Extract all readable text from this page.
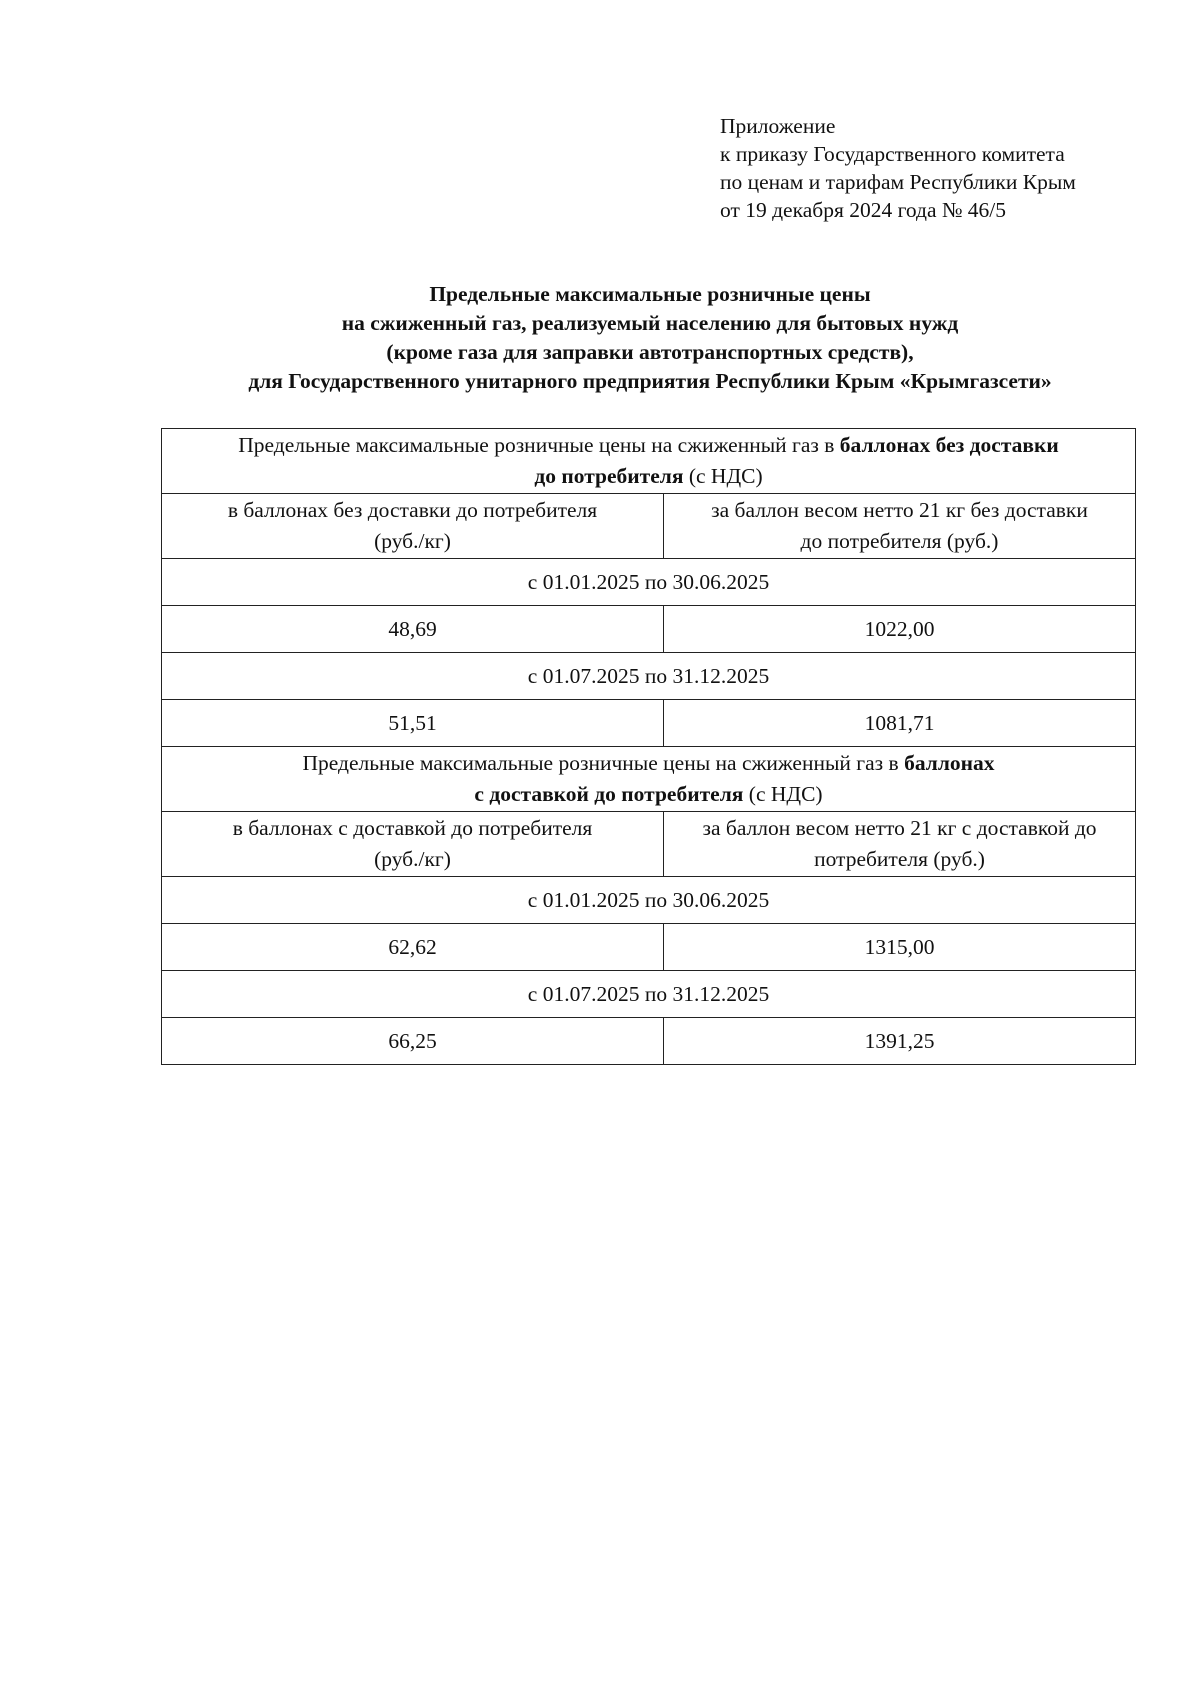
Приложение
к приказу Государственного комитета
по ценам и тарифам Республики Крым
от 19 декабря 2024 года № 46/5
Предельные максимальные розничные цены
на сжиженный газ, реализуемый населению для бытовых нужд
(кроме газа для заправки автотранспортных средств),
для Государственного унитарного предприятия Республики Крым «Крымгазсети»
Предельные максимальные розничные цены на сжиженный газ в баллонах без доставки
до потребителя (с НДС)	
в баллонах без доставки до потребителя
(руб./кг)	за баллон весом нетто 21 кг без доставки
до потребителя (руб.)
с 01.01.2025 по 30.06.2025	
48,69	1022,00
с 01.07.2025 по 31.12.2025	
51,51	1081,71
Предельные максимальные розничные цены на сжиженный газ в баллонах
с доставкой до потребителя (с НДС)	
в баллонах с доставкой до потребителя
(руб./кг)	за баллон весом нетто 21 кг с доставкой до
потребителя (руб.)
с 01.01.2025 по 30.06.2025	
62,62	1315,00
с 01.07.2025 по 31.12.2025	
66,25	1391,25
